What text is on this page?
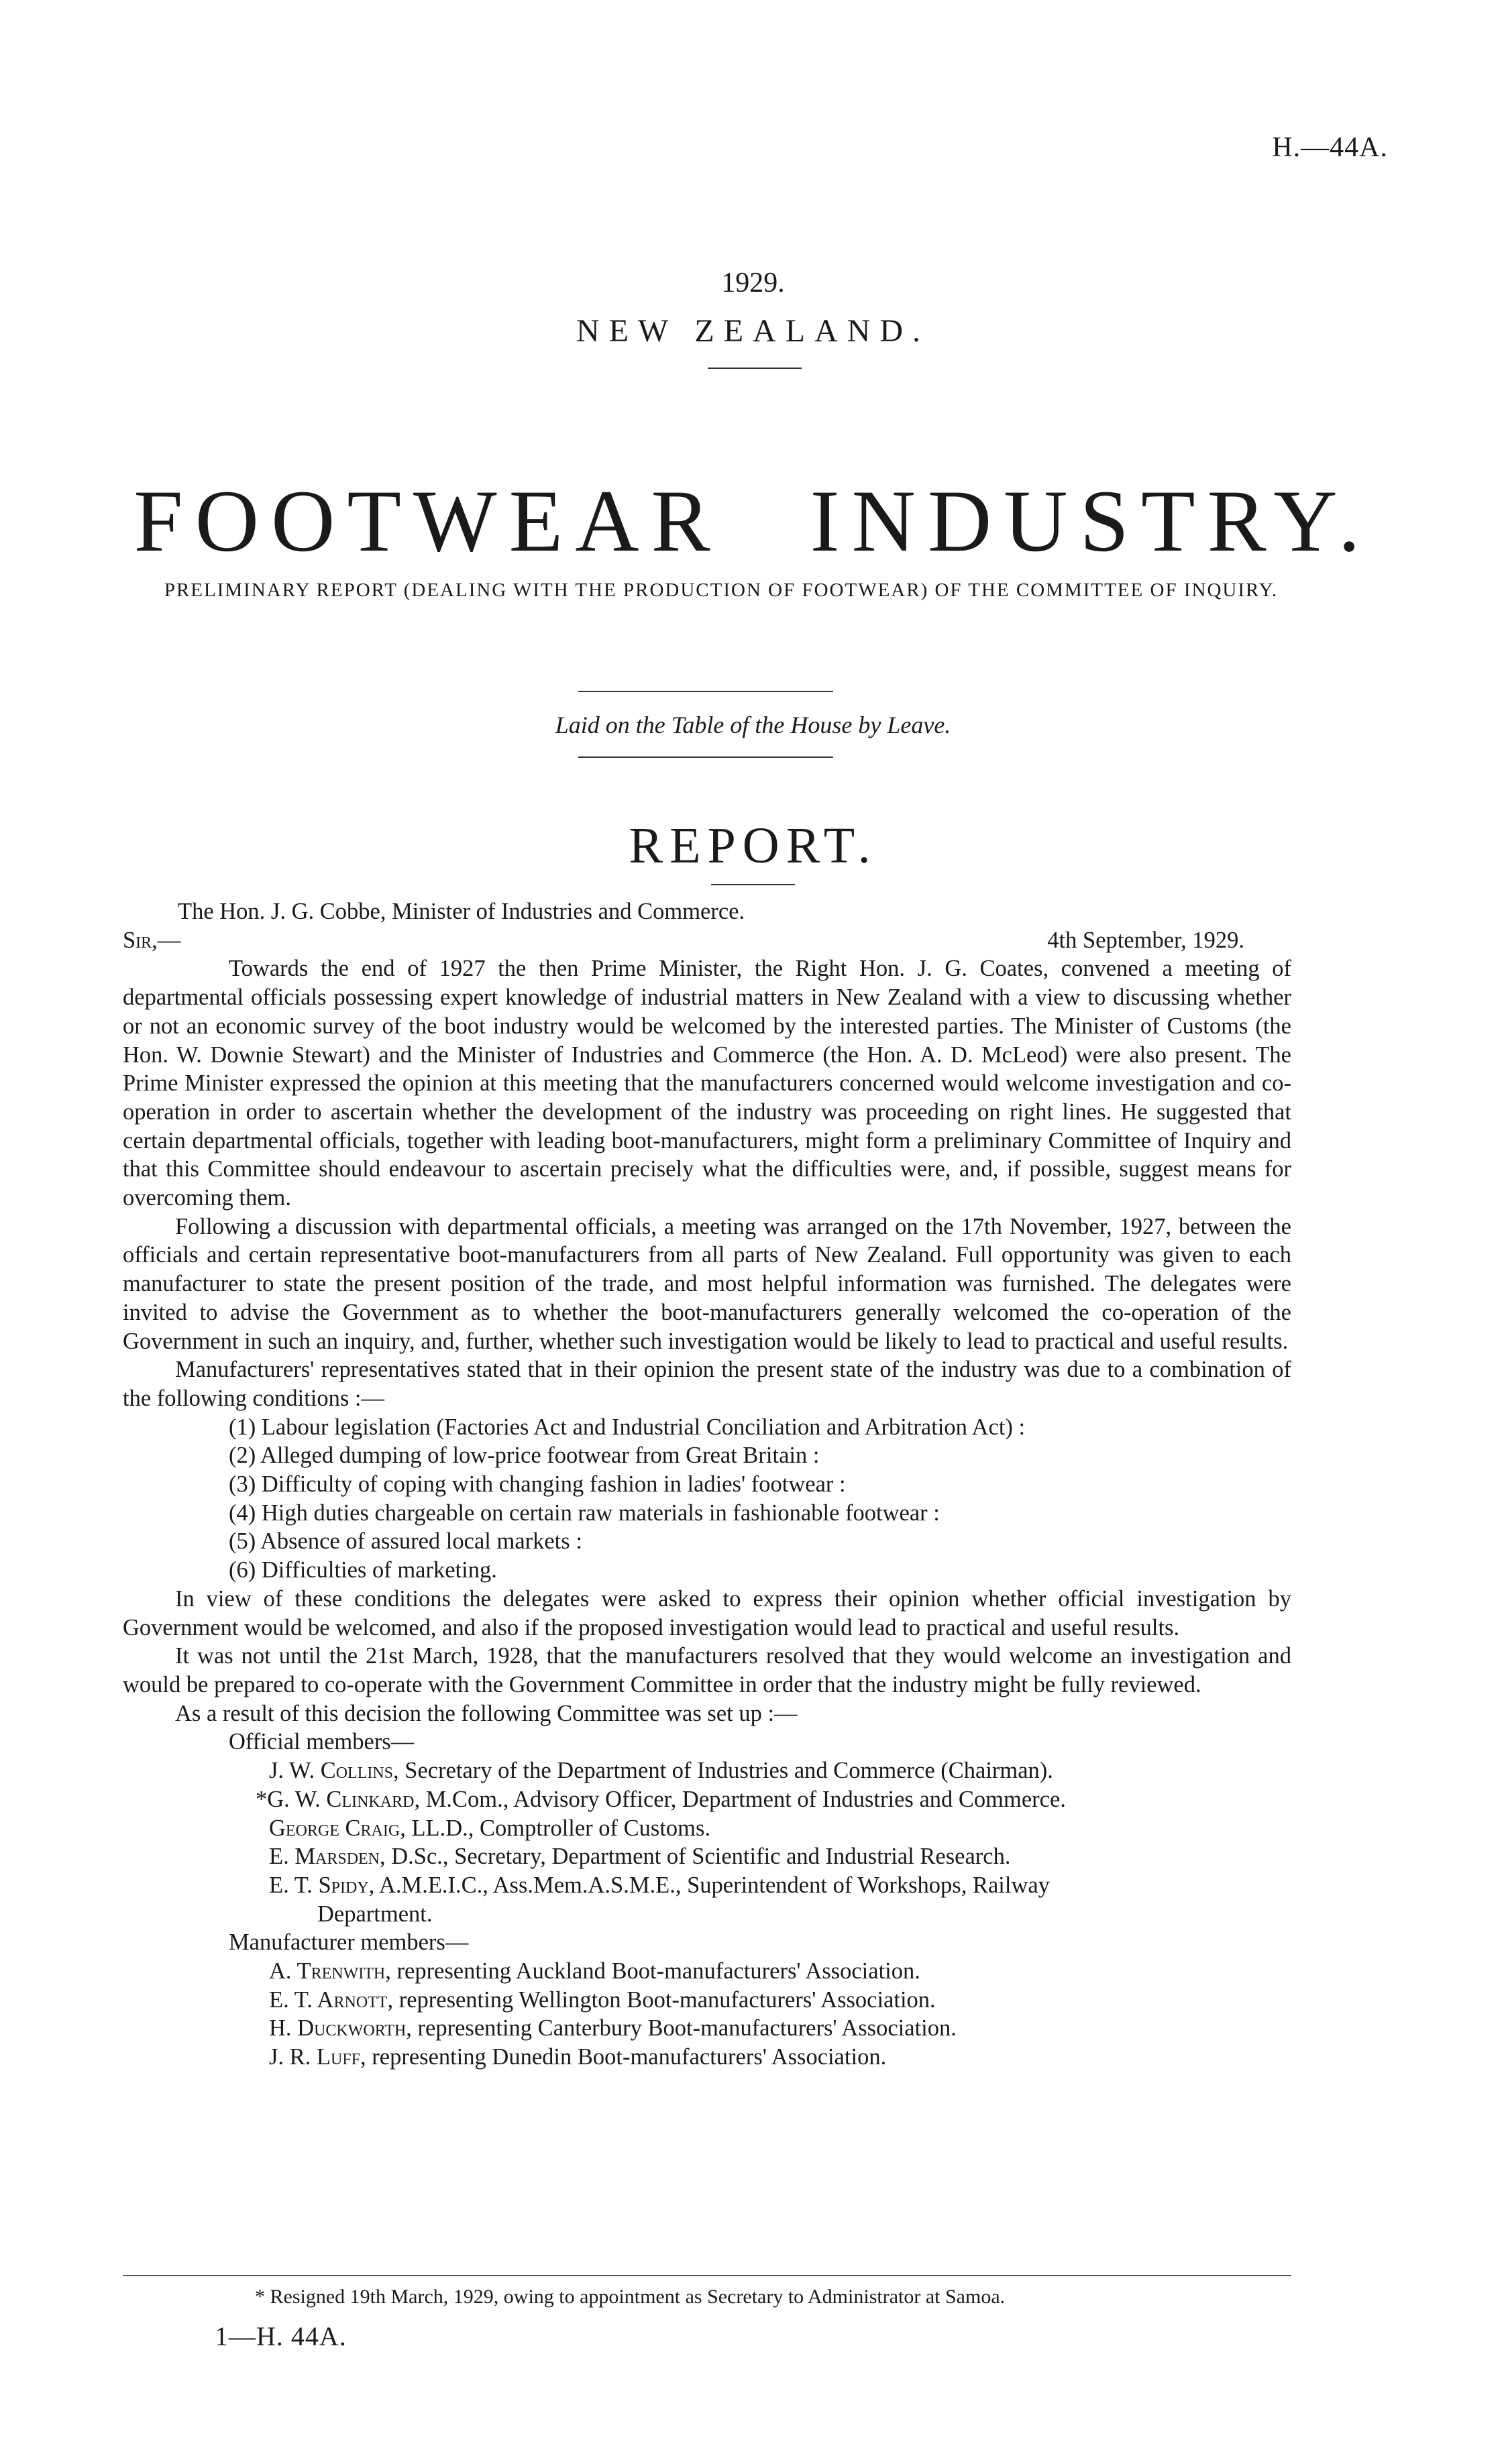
H.—44A.
1929.
NEW ZEALAND.
FOOTWEAR INDUSTRY.
PRELIMINARY REPORT (DEALING WITH THE PRODUCTION OF FOOTWEAR) OF THE COMMITTEE OF INQUIRY.
Laid on the Table of the House by Leave.
REPORT.

The Hon. J. G. Cobbe, Minister of Industries and Commerce.

Sir,—	4th September, 1929.

Towards the end of 1927 the then Prime Minister, the Right Hon. J. G. Coates, convened a meeting of departmental officials possessing expert knowledge of industrial matters in New Zealand with a view to discussing whether or not an economic survey of the boot industry would be welcomed by the interested parties. The Minister of Customs (the Hon. W. Downie Stewart) and the Minister of Industries and Commerce (the Hon. A. D. McLeod) were also present. The Prime Minister expressed the opinion at this meeting that the manufacturers concerned would welcome investigation and co-operation in order to ascertain whether the development of the industry was proceeding on right lines. He suggested that certain departmental officials, together with leading boot-manufacturers, might form a preliminary Committee of Inquiry and that this Committee should endeavour to ascertain precisely what the difficulties were, and, if possible, suggest means for overcoming them.

Following a discussion with departmental officials, a meeting was arranged on the 17th November, 1927, between the officials and certain representative boot-manufacturers from all parts of New Zealand. Full opportunity was given to each manufacturer to state the present position of the trade, and most helpful information was furnished. The delegates were invited to advise the Government as to whether the boot-manufacturers generally welcomed the co-operation of the Government in such an inquiry, and, further, whether such investigation would be likely to lead to practical and useful results.

Manufacturers' representatives stated that in their opinion the present state of the industry was due to a combination of the following conditions :—

(1) Labour legislation (Factories Act and Industrial Conciliation and Arbitration Act) :
(2) Alleged dumping of low-price footwear from Great Britain :
(3) Difficulty of coping with changing fashion in ladies' footwear :
(4) High duties chargeable on certain raw materials in fashionable footwear :
(5) Absence of assured local markets :
(6) Difficulties of marketing.

In view of these conditions the delegates were asked to express their opinion whether official investigation by Government would be welcomed, and also if the proposed investigation would lead to practical and useful results.

It was not until the 21st March, 1928, that the manufacturers resolved that they would welcome an investigation and would be prepared to co-operate with the Government Committee in order that the industry might be fully reviewed.

As a result of this decision the following Committee was set up :—

Official members—
J. W. Collins, Secretary of the Department of Industries and Commerce (Chairman).
*G. W. Clinkard, M.Com., Advisory Officer, Department of Industries and Commerce.
George Craig, LL.D., Comptroller of Customs.
E. Marsden, D.Sc., Secretary, Department of Scientific and Industrial Research.
E. T. Spidy, A.M.E.I.C., Ass.Mem.A.S.M.E., Superintendent of Workshops, Railway
Department.
Manufacturer members—
A. Trenwith, representing Auckland Boot-manufacturers' Association.
E. T. Arnott, representing Wellington Boot-manufacturers' Association.
H. Duckworth, representing Canterbury Boot-manufacturers' Association.
J. R. Luff, representing Dunedin Boot-manufacturers' Association.
* Resigned 19th March, 1929, owing to appointment as Secretary to Administrator at Samoa.
1—H. 44A.
